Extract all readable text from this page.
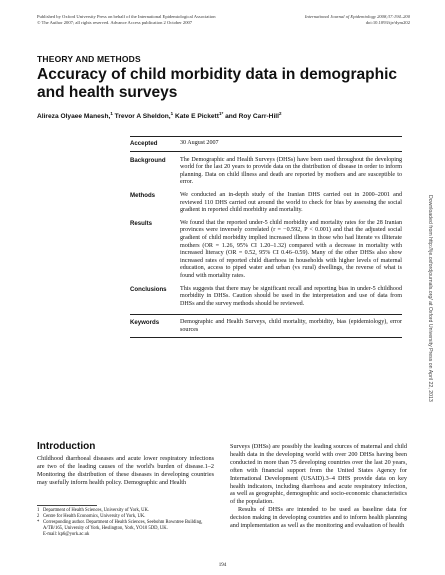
Published by Oxford University Press on behalf of the International Epidemiological Association
© The Author 2007; all rights reserved. Advance Access publication 2 October 2007
International Journal of Epidemiology 2008;37:194–200
doi:10.1093/ije/dym202
THEORY AND METHODS
Accuracy of child morbidity data in demographic and health surveys
Alireza Olyaee Manesh,$^1$ Trevor A Sheldon,$^1$ Kate E Pickett$^{1*}$ and Roy Carr-Hill$^2$
Accepted	30 August 2007
Background	The Demographic and Health Surveys (DHSs) have been used throughout the developing world for the last 20 years to provide data on the distribution of disease in order to inform planning. Data on child illness and death are reported by mothers and are susceptible to error.
Methods	We conducted an in-depth study of the Iranian DHS carried out in 2000–2001 and reviewed 110 DHS carried out around the world to check for bias by assessing the social gradient in reported child morbidity and mortality.
Results	We found that the reported under-5 child morbidity and mortality rates for the 28 Iranian provinces were inversely correlated (r = −0.592, P < 0.001) and that the adjusted social gradient of child morbidity implied increased illness in those who had literate vs illiterate mothers (OR = 1.26, 95% CI 1.20–1.32) compared with a decrease in mortality with increased literacy (OR = 0.52, 95% CI 0.46–0.59). Many of the other DHSs also show increased rates of reported child diarrhoea in households with higher levels of maternal education, access to piped water and urban (vs rural) dwellings, the reverse of what is found with mortality rates.
Conclusions	This suggests that there may be significant recall and reporting bias in under-5 childhood morbidity in DHSs. Caution should be used in the interpretation and use of data from DHSs and the survey methods should be reviewed.
Keywords	Demographic and Health Surveys, child mortality, morbidity, bias (epidemiology), error sources
Introduction
Childhood diarrhoeal diseases and acute lower respiratory infections are two of the leading causes of the world's burden of disease.1–2 Monitoring the distribution of these diseases in developing countries may usefully inform health policy. Demographic and Health
Surveys (DHSs) are possibly the leading sources of maternal and child health data in the developing world with over 200 DHSs having been conducted in more than 75 developing countries over the last 20 years, often with financial support from the United States Agency for International Development (USAID).3–4 DHS provide data on key health indicators, including diarrhoea and acute respiratory infection, as well as geographic, demographic and socio-economic characteristics of the population.
Results of DHSs are intended to be used as baseline data for decision making in developing countries and to inform health planning and implementation as well as the monitoring and evaluation of health
1 Department of Health Sciences, University of York, UK.
2 Centre for Health Economics, University of York, UK.
* Corresponding author. Department of Health Sciences, Seebohm Rowntree Building, A/TB/165, University of York, Heslington, York, YO10 5DD, UK.
E-mail: kp6@york.ac.uk
194
Downloaded from http://ije.oxfordjournals.org/ at Oxford University Press on April 22, 2013
